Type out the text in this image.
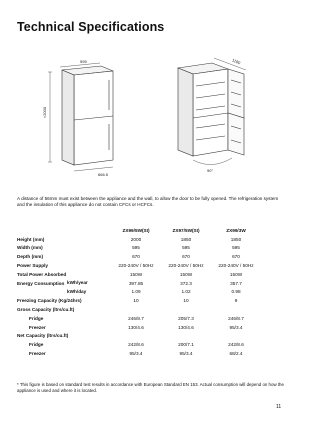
Technical Specifications
595
≈2000
666.5
1180
90°
A distance of 56mm must exist between the appliance and the wall, to allow the door to be fully opened. The refrigeration system and the insulation of this appliance do not contain CFCs or HCFCs.
	ZX99/5W(SI)	ZX97/5W(SI)	ZX99/3W
Height (mm)	2000	1850	1850
Width (mm)	595	595	595
Depth (mm)	670	670	670
Power Supply	220-240V / 50Hz	220-240V / 50Hz	220-240V / 50Hz
Total Power Absorbed	150W	150W	150W
Energy Consumption kWh/year	397.85	372.3	357.7

kWh/day	1.09	1.02	0.98
Freezing Capacity (Kg/24hrs)	10	10	9
Gross Capacity (ltrs/cu.ft)			
Fridge	246/8.7	205/7.3	246/8.7
Freezer	130/4.6	130/4.6	95/3.4
Net Capacity (ltrs/cu.ft)			
Fridge	242/8.6	200/7.1	242/8.6
Freezer	95/3.4	95/3.4	68/2.4
* This figure is based on standard test results in accordance with European Standard EN 153. Actual consumption will depend on how the appliance is used and where it is located.
11
